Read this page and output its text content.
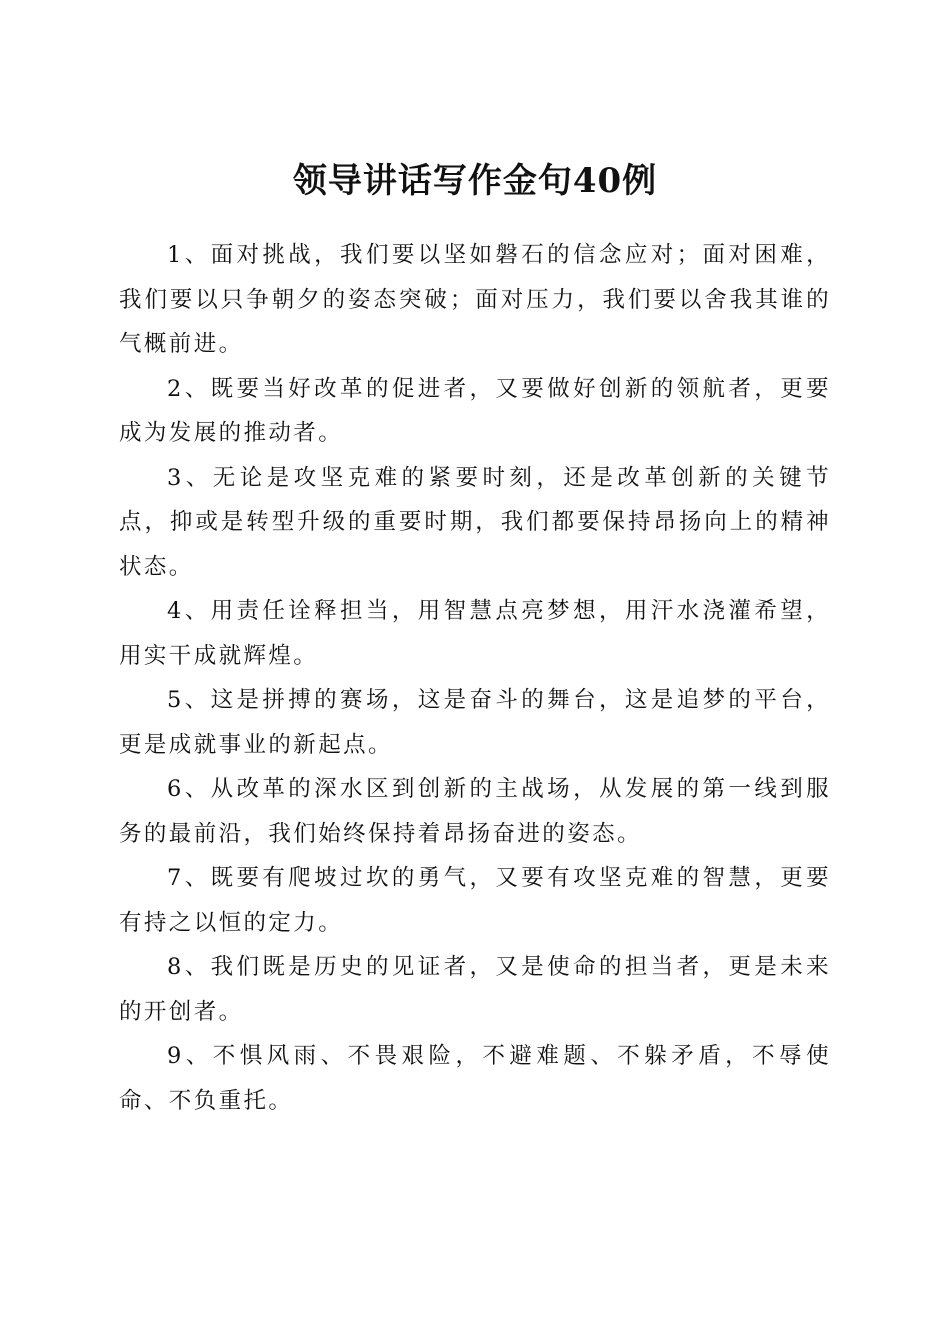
领导讲话写作金句40例

1、面对挑战，我们要以坚如磐石的信念应对；面对困难，我们要以只争朝夕的姿态突破；面对压力，我们要以舍我其谁的气概前进。

2、既要当好改革的促进者，又要做好创新的领航者，更要成为发展的推动者。

3、无论是攻坚克难的紧要时刻，还是改革创新的关键节点，抑或是转型升级的重要时期，我们都要保持昂扬向上的精神状态。

4、用责任诠释担当，用智慧点亮梦想，用汗水浇灌希望，用实干成就辉煌。

5、这是拼搏的赛场，这是奋斗的舞台，这是追梦的平台，更是成就事业的新起点。

6、从改革的深水区到创新的主战场，从发展的第一线到服务的最前沿，我们始终保持着昂扬奋进的姿态。

7、既要有爬坡过坎的勇气，又要有攻坚克难的智慧，更要有持之以恒的定力。

8、我们既是历史的见证者，又是使命的担当者，更是未来的开创者。

9、不惧风雨、不畏艰险，不避难题、不躲矛盾，不辱使命、不负重托。
